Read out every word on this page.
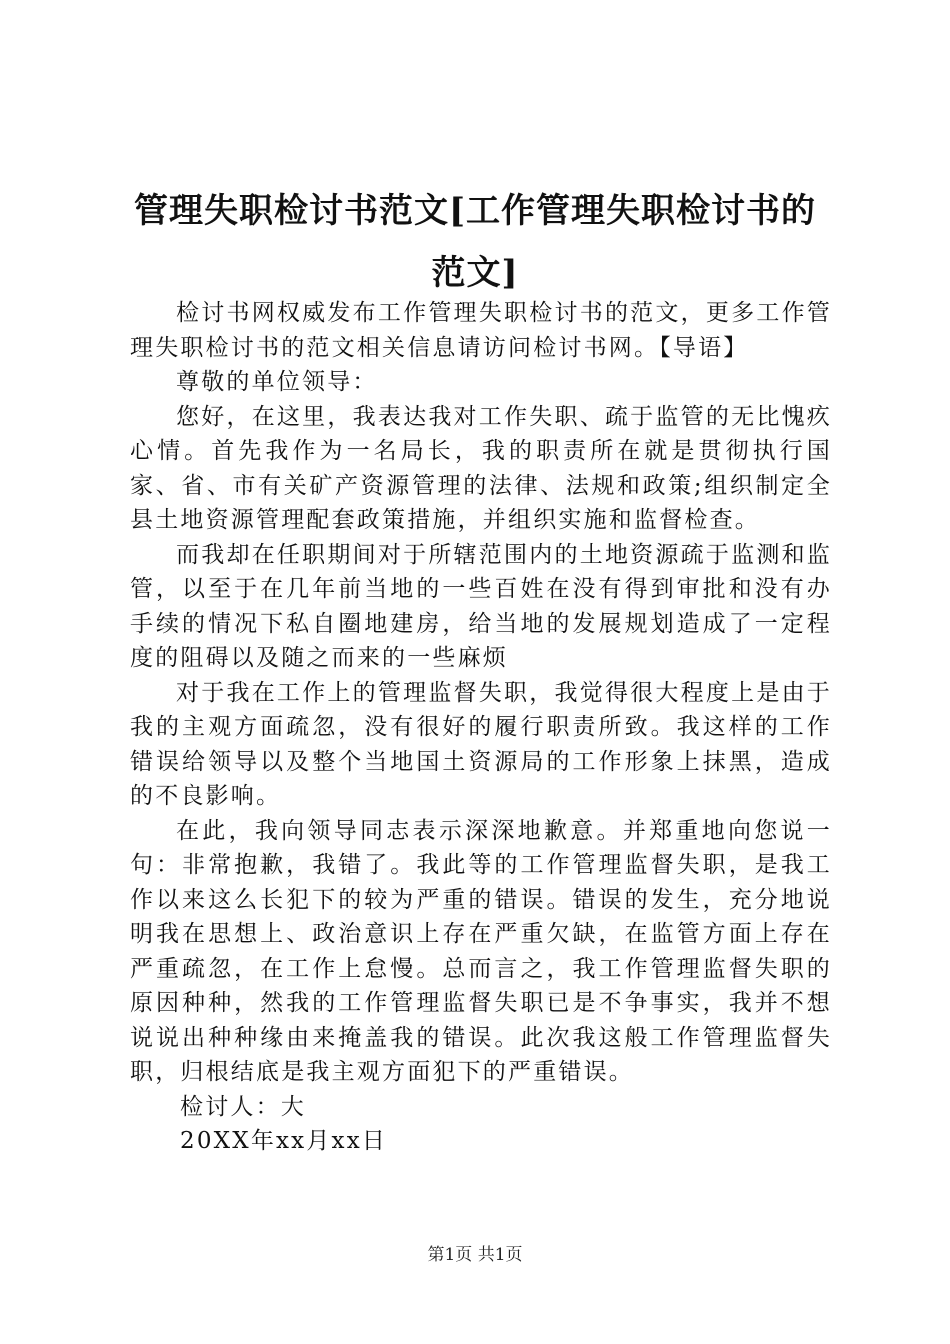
管理失职检讨书范文[工作管理失职检讨书的范文]

检讨书网权威发布工作管理失职检讨书的范文，更多工作管理失职检讨书的范文相关信息请访问检讨书网。【导语】

尊敬的单位领导：

您好，在这里，我表达我对工作失职、疏于监管的无比愧疚心情。首先我作为一名局长，我的职责所在就是贯彻执行国家、省、市有关矿产资源管理的法律、法规和政策;组织制定全县土地资源管理配套政策措施，并组织实施和监督检查。

而我却在任职期间对于所辖范围内的土地资源疏于监测和监管，以至于在几年前当地的一些百姓在没有得到审批和没有办手续的情况下私自圈地建房，给当地的发展规划造成了一定程度的阻碍以及随之而来的一些麻烦

对于我在工作上的管理监督失职，我觉得很大程度上是由于我的主观方面疏忽，没有很好的履行职责所致。我这样的工作错误给领导以及整个当地国土资源局的工作形象上抹黑，造成的不良影响。

在此，我向领导同志表示深深地歉意。并郑重地向您说一句：非常抱歉，我错了。我此等的工作管理监督失职，是我工作以来这么长犯下的较为严重的错误。错误的发生，充分地说明我在思想上、政治意识上存在严重欠缺，在监管方面上存在严重疏忽，在工作上怠慢。总而言之，我工作管理监督失职的原因种种，然我的工作管理监督失职已是不争事实，我并不想说说出种种缘由来掩盖我的错误。此次我这般工作管理监督失职，归根结底是我主观方面犯下的严重错误。

检讨人：大

20XX年xx月xx日

第1页 共1页
